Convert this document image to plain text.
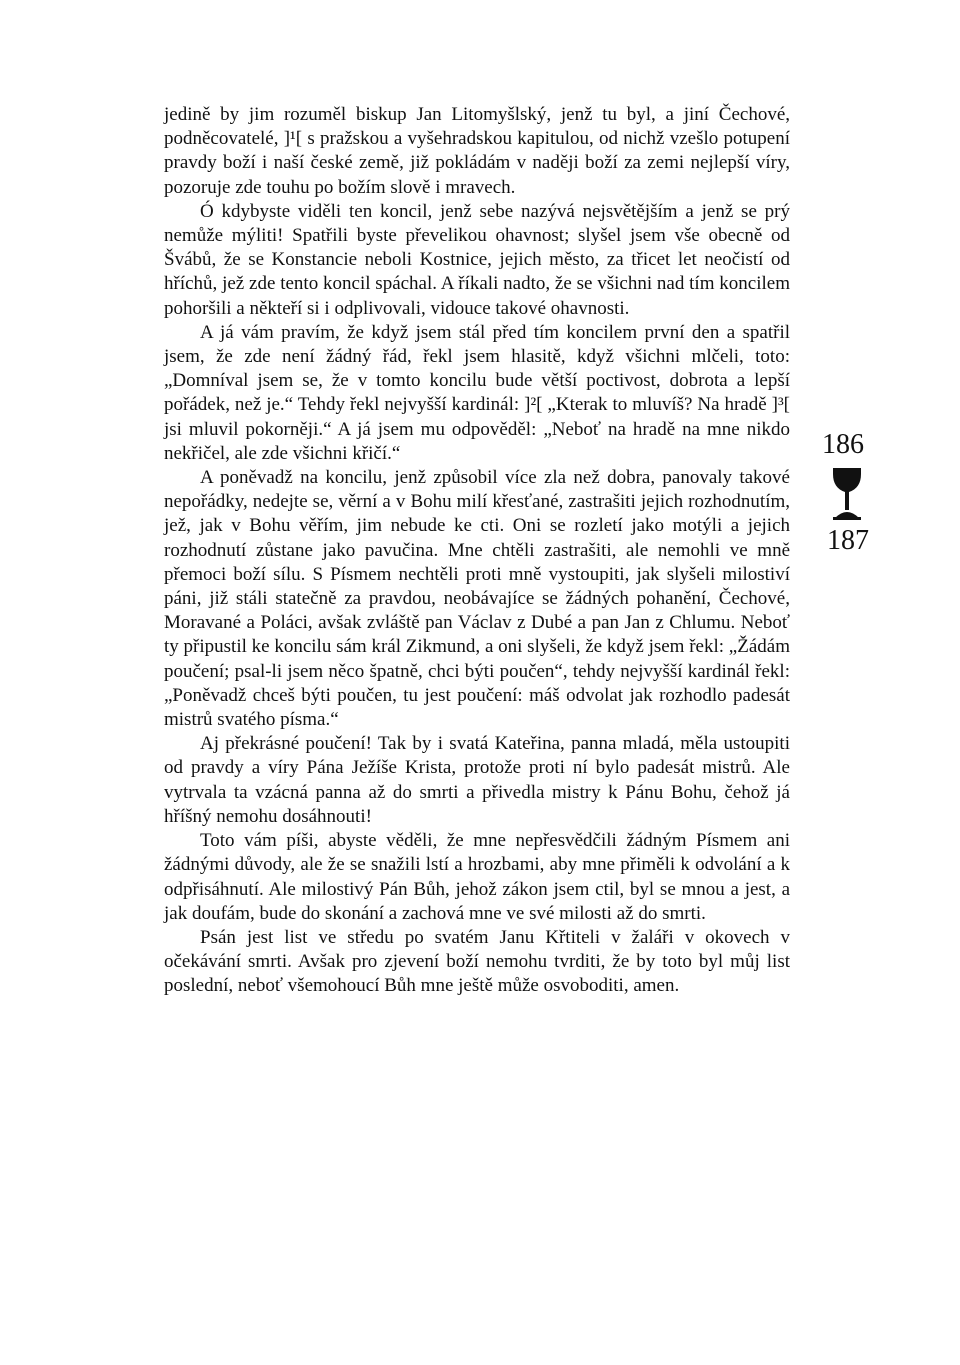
jedině by jim rozuměl biskup Jan Litomyšlský, jenž tu byl, a jiní Čechové, podněcovatelé, ]¹[ s pražskou a vyšehradskou kapitulou, od nichž vzešlo potupení pravdy boží i naší české země, již pokládám v naději boží za zemi nejlepší víry, pozoruje zde touhu po božím slově i mravech.

Ó kdybyste viděli ten koncil, jenž sebe nazývá nejsvětějším a jenž se prý nemůže mýliti! Spatřili byste převelikou ohavnost; slyšel jsem vše obecně od Švábů, že se Konstancie neboli Kostnice, jejich město, za třicet let neočistí od hříchů, jež zde tento koncil spáchal. A říkali nadto, že se všichni nad tím koncilem pohoršili a někteří si i odplivovali, vidouce takové ohavnosti.

A já vám pravím, že když jsem stál před tím koncilem první den a spatřil jsem, že zde není žádný řád, řekl jsem hlasitě, když všichni mlčeli, toto: „Domníval jsem se, že v tomto koncilu bude větší poctivost, dobrota a lepší pořádek, než je.“ Tehdy řekl nejvyšší kardinál: ]²[ „Kterak to mluvíš? Na hradě ]³[ jsi mluvil pokorněji.“ A já jsem mu odpověděl: „Neboť na hradě na mne nikdo nekřičel, ale zde všichni křičí.“

A poněvadž na koncilu, jenž způsobil více zla než dobra, panovaly takové nepořádky, nedejte se, věrní a v Bohu milí křesťané, zastrašiti jejich rozhodnutím, jež, jak v Bohu věřím, jim nebude ke cti. Oni se rozletí jako motýli a jejich rozhodnutí zůstane jako pavučina. Mne chtěli zastrašiti, ale nemohli ve mně přemoci boží sílu. S Písmem nechtěli proti mně vystoupiti, jak slyšeli milostiví páni, již stáli statečně za pravdou, neobávajíce se žádných pohanění, Čechové, Moravané a Poláci, avšak zvláště pan Václav z Dubé a pan Jan z Chlumu. Neboť ty připustil ke koncilu sám král Zikmund, a oni slyšeli, že když jsem řekl: „Žádám poučení; psal-li jsem něco špatně, chci býti poučen“, tehdy nejvyšší kardinál řekl: „Poněvadž chceš býti poučen, tu jest poučení: máš odvolat jak rozhodlo padesát mistrů svatého písma.“

Aj překrásné poučení! Tak by i svatá Kateřina, panna mladá, měla ustoupiti od pravdy a víry Pána Ježíše Krista, protože proti ní bylo padesát mistrů. Ale vytrvala ta vzácná panna až do smrti a přivedla mistry k Pánu Bohu, čehož já hříšný nemohu dosáhnouti!

Toto vám píši, abyste věděli, že mne nepřesvědčili žádným Písmem ani žádnými důvody, ale že se snažili lstí a hrozbami, aby mne přiměli k odvolání a k odpřisáhnutí. Ale milostivý Pán Bůh, jehož zákon jsem ctil, byl se mnou a jest, a jak doufám, bude do skonání a zachová mne ve své milosti až do smrti.

Psán jest list ve středu po svatém Janu Křtiteli v žaláři v okovech v očekávání smrti. Avšak pro zjevení boží nemohu tvrditi, že by toto byl můj list poslední, neboť všemohoucí Bůh mne ještě může osvoboditi, amen.

186
187
